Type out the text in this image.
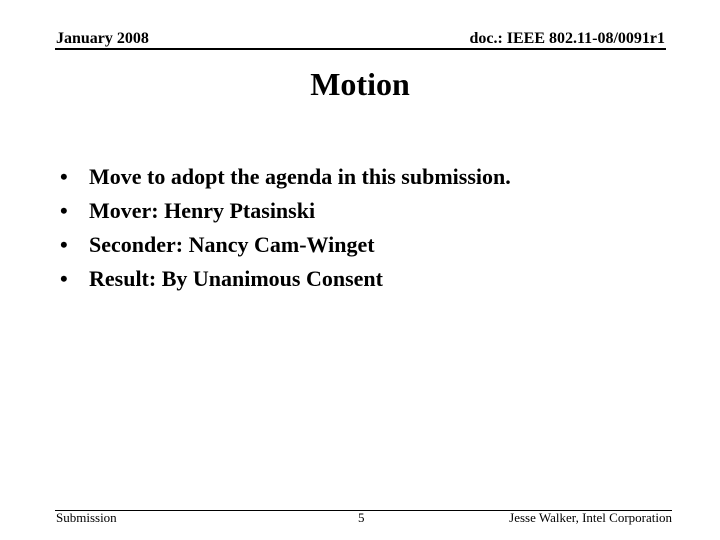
January 2008	doc.: IEEE 802.11-08/0091r1
Motion
• Move to adopt the agenda in this submission.
• Mover: Henry Ptasinski
• Seconder: Nancy Cam-Winget
• Result: By Unanimous Consent
Submission	5	Jesse Walker, Intel Corporation
